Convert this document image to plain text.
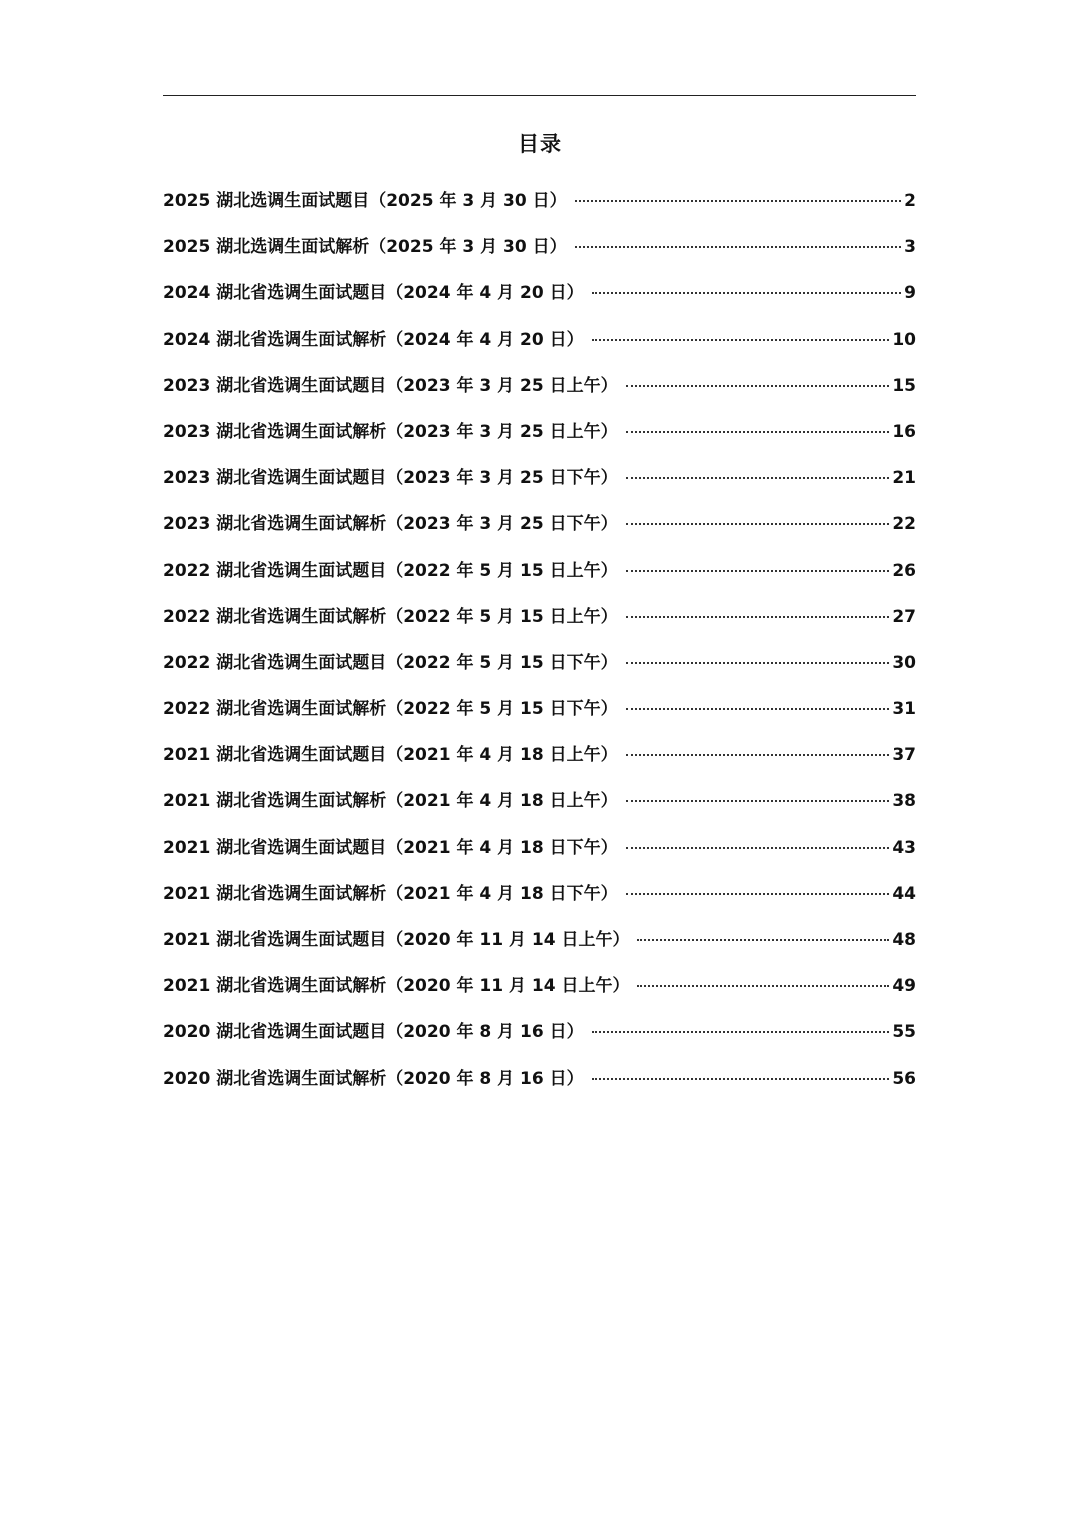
目录
2025 湖北选调生面试题目（2025 年 3 月 30 日）	2
2025 湖北选调生面试解析（2025 年 3 月 30 日）	3
2024 湖北省选调生面试题目（2024 年 4 月 20 日）	9
2024 湖北省选调生面试解析（2024 年 4 月 20 日）	10
2023 湖北省选调生面试题目（2023 年 3 月 25 日上午）	15
2023 湖北省选调生面试解析（2023 年 3 月 25 日上午）	16
2023 湖北省选调生面试题目（2023 年 3 月 25 日下午）	21
2023 湖北省选调生面试解析（2023 年 3 月 25 日下午）	22
2022 湖北省选调生面试题目（2022 年 5 月 15 日上午）	26
2022 湖北省选调生面试解析（2022 年 5 月 15 日上午）	27
2022 湖北省选调生面试题目（2022 年 5 月 15 日下午）	30
2022 湖北省选调生面试解析（2022 年 5 月 15 日下午）	31
2021 湖北省选调生面试题目（2021 年 4 月 18 日上午）	37
2021 湖北省选调生面试解析（2021 年 4 月 18 日上午）	38
2021 湖北省选调生面试题目（2021 年 4 月 18 日下午）	43
2021 湖北省选调生面试解析（2021 年 4 月 18 日下午）	44
2021 湖北省选调生面试题目（2020 年 11 月 14 日上午）	48
2021 湖北省选调生面试解析（2020 年 11 月 14 日上午）	49
2020 湖北省选调生面试题目（2020 年 8 月 16 日）	55
2020 湖北省选调生面试解析（2020 年 8 月 16 日）	56
